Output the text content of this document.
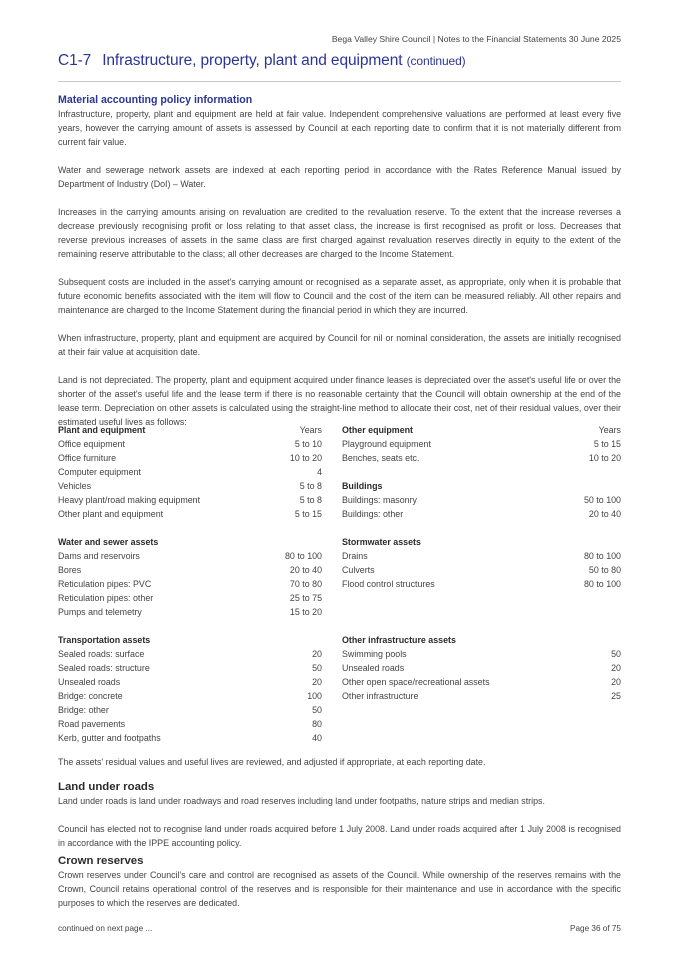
Bega Valley Shire Council | Notes to the Financial Statements 30 June 2025
C1-7 Infrastructure, property, plant and equipment (continued)
Material accounting policy information

Infrastructure, property, plant and equipment are held at fair value. Independent comprehensive valuations are performed at least every five years, however the carrying amount of assets is assessed by Council at each reporting date to confirm that it is not materially different from current fair value.

Water and sewerage network assets are indexed at each reporting period in accordance with the Rates Reference Manual issued by Department of Industry (DoI) – Water.

Increases in the carrying amounts arising on revaluation are credited to the revaluation reserve. To the extent that the increase reverses a decrease previously recognising profit or loss relating to that asset class, the increase is first recognised as profit or loss. Decreases that reverse previous increases of assets in the same class are first charged against revaluation reserves directly in equity to the extent of the remaining reserve attributable to the class; all other decreases are charged to the Income Statement.

Subsequent costs are included in the asset's carrying amount or recognised as a separate asset, as appropriate, only when it is probable that future economic benefits associated with the item will flow to Council and the cost of the item can be measured reliably. All other repairs and maintenance are charged to the Income Statement during the financial period in which they are incurred.

When infrastructure, property, plant and equipment are acquired by Council for nil or nominal consideration, the assets are initially recognised at their fair value at acquisition date.

Land is not depreciated. The property, plant and equipment acquired under finance leases is depreciated over the asset's useful life or over the shorter of the asset's useful life and the lease term if there is no reasonable certainty that the Council will obtain ownership at the end of the lease term. Depreciation on other assets is calculated using the straight-line method to allocate their cost, net of their residual values, over their estimated useful lives as follows:

Plant and equipment	Years
Office equipment	5 to 10
Office furniture	10 to 20
Computer equipment	4
Vehicles	5 to 8
Heavy plant/road making equipment	5 to 8
Other plant and equipment	5 to 15
Other equipment	Years
Playground equipment	5 to 15
Benches, seats etc.	10 to 20
Buildings
Buildings: masonry	50 to 100
Buildings: other	20 to 40
Water and sewer assets
Dams and reservoirs	80 to 100
Bores	20 to 40
Reticulation pipes: PVC	70 to 80
Reticulation pipes: other	25 to 75
Pumps and telemetry	15 to 20
Stormwater assets
Drains	80 to 100
Culverts	50 to 80
Flood control structures	80 to 100
Transportation assets
Sealed roads: surface	20
Sealed roads: structure	50
Unsealed roads	20
Bridge: concrete	100
Bridge: other	50
Road pavements	80
Kerb, gutter and footpaths	40
Other infrastructure assets
Swimming pools	50
Unsealed roads	20
Other open space/recreational assets	20
Other infrastructure	25

The assets' residual values and useful lives are reviewed, and adjusted if appropriate, at each reporting date.

Land under roads

Land under roads is land under roadways and road reserves including land under footpaths, nature strips and median strips.

Council has elected not to recognise land under roads acquired before 1 July 2008. Land under roads acquired after 1 July 2008 is recognised in accordance with the IPPE accounting policy.

Crown reserves

Crown reserves under Council's care and control are recognised as assets of the Council. While ownership of the reserves remains with the Crown, Council retains operational control of the reserves and is responsible for their maintenance and use in accordance with the specific purposes to which the reserves are dedicated.

continued on next page ...	Page 36 of 75
